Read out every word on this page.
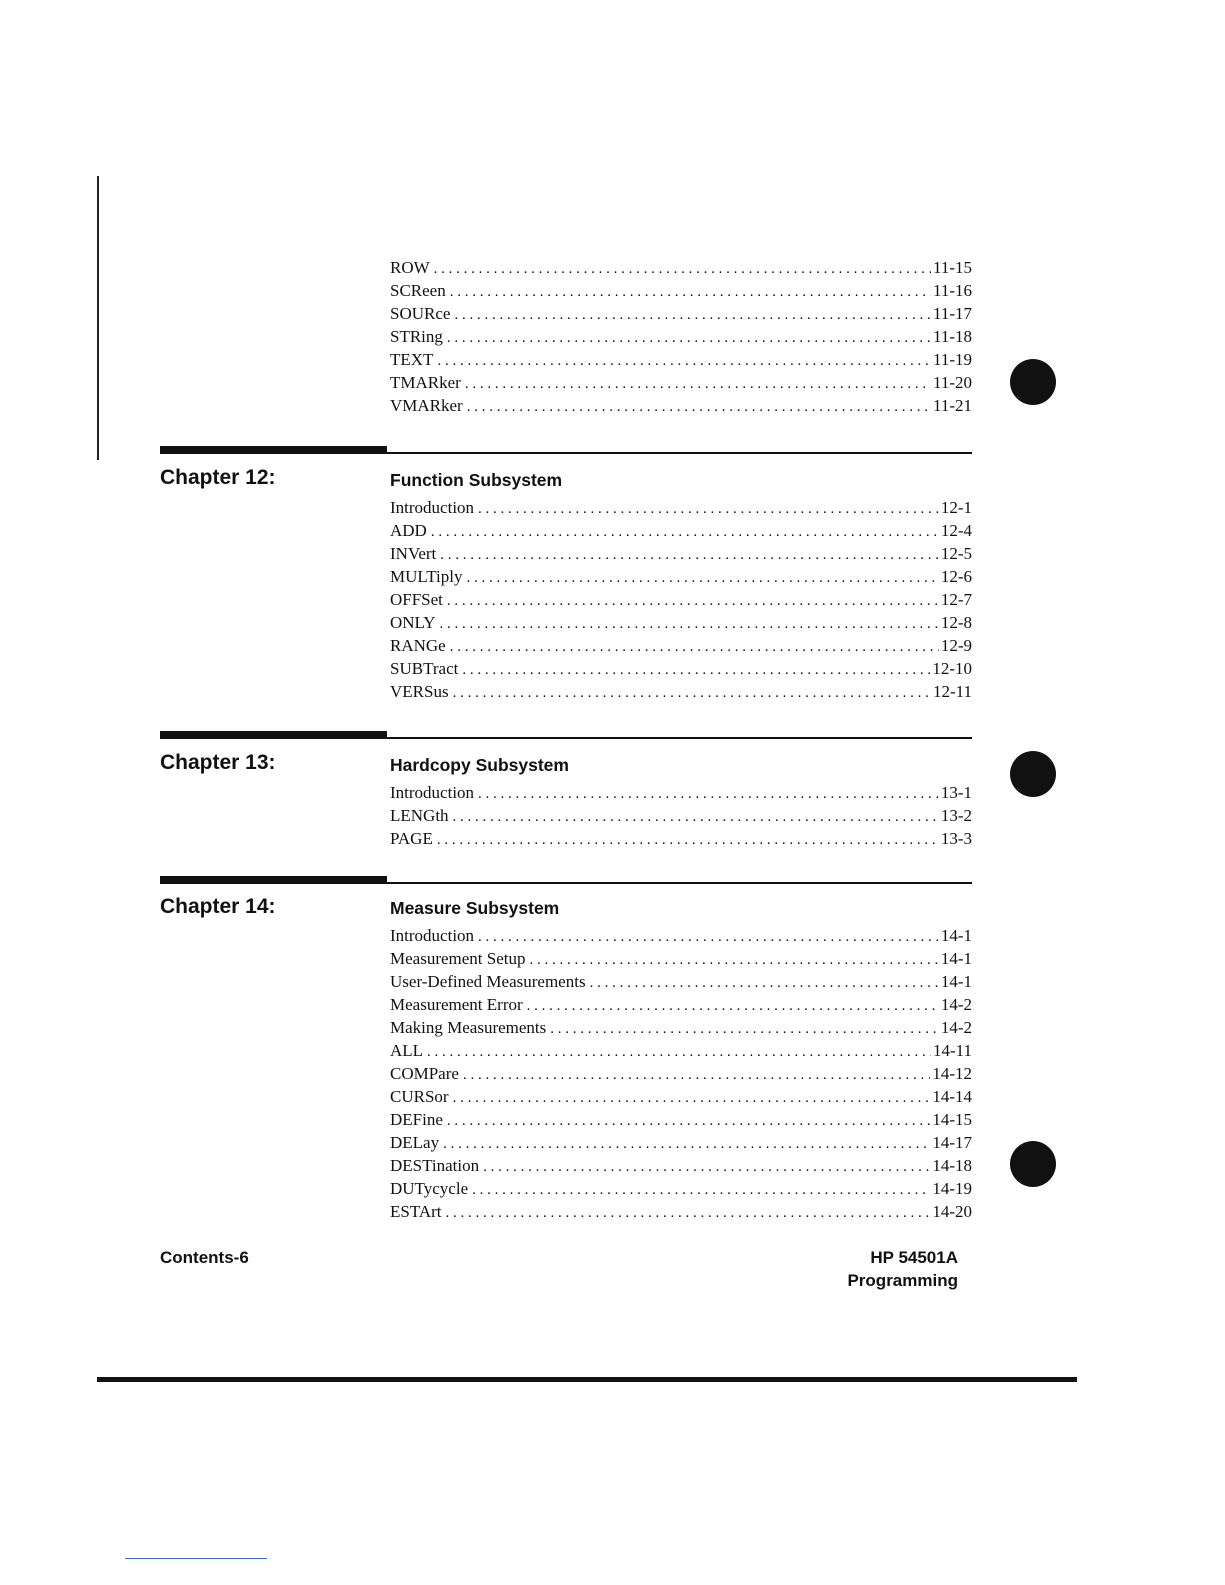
ROW . . .	11-15
SCReen . . .	11-16
SOURce . . .	11-17
STRing . . .	11-18
TEXT . . .	11-19
TMARker . . .	11-20
VMARker . . .	11-21
Chapter 12:	Function Subsystem
Introduction . . .	12-1
ADD . . .	12-4
INVert . . .	12-5
MULTiply . . .	12-6
OFFSet . . .	12-7
ONLY . . .	12-8
RANGe . . .	12-9
SUBTract . . .	12-10
VERSus . . .	12-11
Chapter 13:	Hardcopy Subsystem
Introduction . . .	13-1
LENGth . . .	13-2
PAGE . . .	13-3
Chapter 14:	Measure Subsystem
Introduction . . .	14-1
Measurement Setup . . .	14-1
User-Defined Measurements . . .	14-1
Measurement Error . . .	14-2
Making Measurements . . .	14-2
ALL . . .	14-11
COMPare . . .	14-12
CURSor . . .	14-14
DEFine . . .	14-15
DELay . . .	14-17
DESTination . . .	14-18
DUTycycle . . .	14-19
ESTArt . . .	14-20
Contents-6	HP 54501A
Programming
